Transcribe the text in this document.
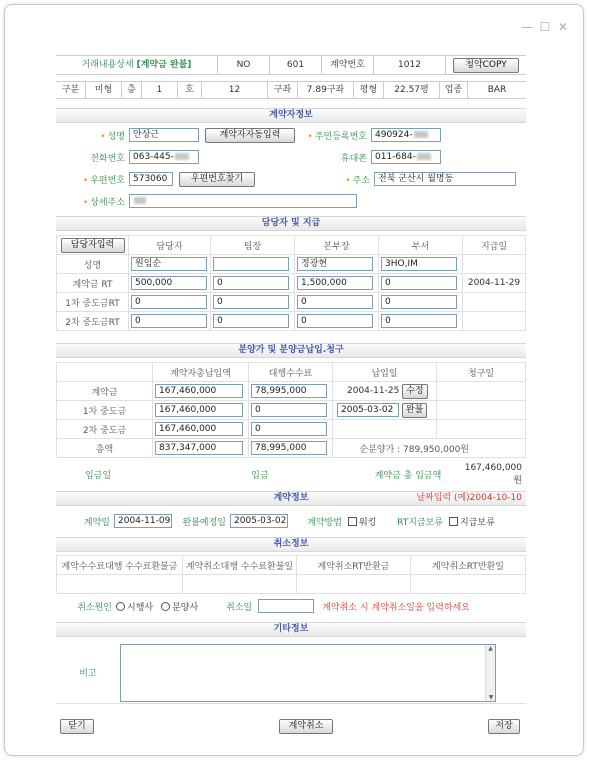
— ☐ ✕
거래내용상세 [계약금 완불]	NO	601	계약번호	1012	청약COPY
구분	미형	층	1	호	12	구좌	7.89구좌	평형	22.57평	업종	BAR
계약자정보
• 성명 안상근	계약자자동입력	• 주민등록번호 490924-
전화번호 063-445-	휴대폰 011-684-
• 우편번호 573060	우편번호찾기	• 주소 전북 군산시 월명동
• 상세주소
담당자 및 지급
담당자입력	담당자	팀장	본부장	부서	지급일
성명	원임순		정광현	3HO,IM	

계약금 RT	500,000	0	1,500,000	0	2004-11-29
1차 중도금RT	0	0	0	0	

2차 중도금RT	0	0	0	0	

분양가 및 분양금납입.청구
	계약자총납입액	대행수수료	납입일	청구일
계약금	167,460,000	78,995,000	2004-11-25 수정	
1차 중도금	167,460,000	0	2005-03-02 완불	
2차 중도금	167,460,000	0		

총액	837,347,000	78,995,000	순분양가 : 789,950,000원	
입금일	입금	계약금 총 입금액
167,460,000원
계약정보	날짜입력 (예)2004-10-10
계약일 2004-11-09	완불예정일 2005-03-02	계약방법	워킹	RT지급보류	지급보류
취소정보
계약수수료대행 수수료환불금	계약취소대행 수수료환불일	계약취소RT반환금	계약취소RT반환일

취소원인	시행사 분양사	취소일	계약취소 시 계약취소일을 입력하세요
기타정보
비고
▲
▼
닫기	계약취소	저장
